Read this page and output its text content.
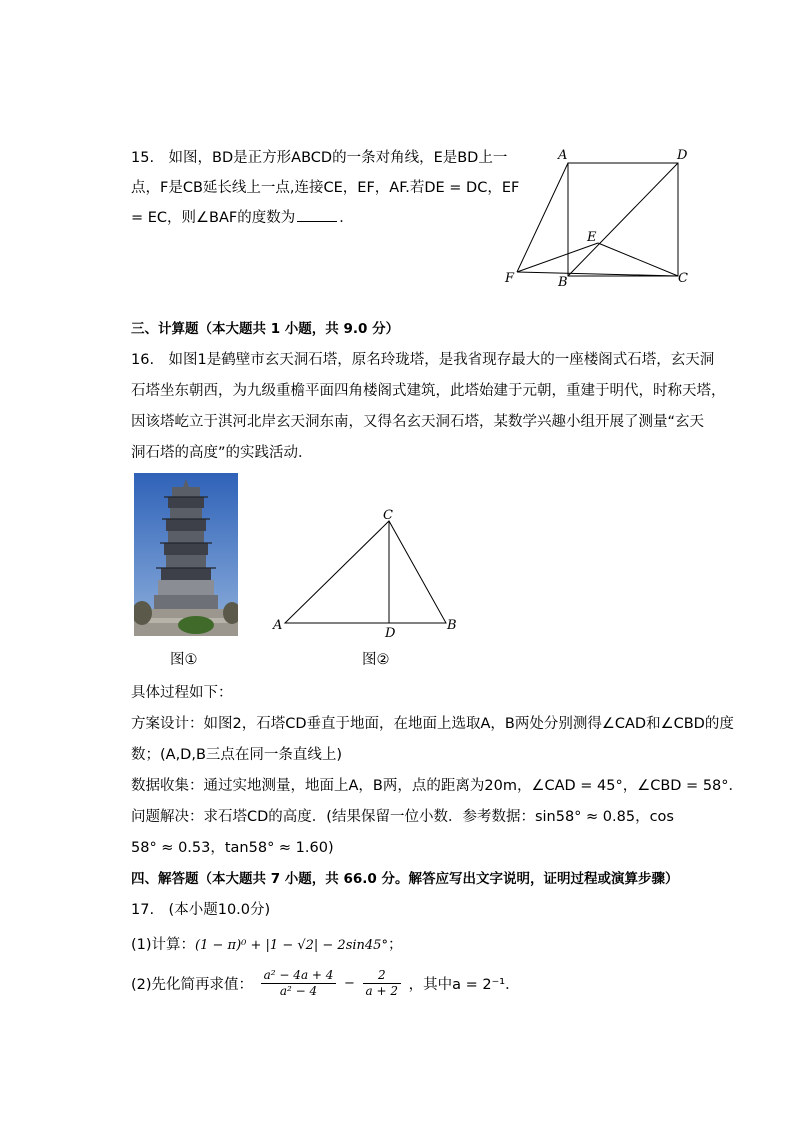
15.　如图，BD是正方形ABCD的一条对角线，E是BD上一
点，F是CB延长线上一点,连接CE，EF，AF.若DE = DC，EF
= EC，则∠BAF的度数为	．
A	D
E
F	B	C
三、计算题（本大题共 1 小题，共 9.0 分）
16.　如图1是鹤壁市玄天洞石塔，原名玲珑塔，是我省现存最大的一座楼阁式石塔，玄天洞
石塔坐东朝西，为九级重檐平面四角楼阁式建筑，此塔始建于元朝，重建于明代，时称天塔，
因该塔屹立于淇河北岸玄天洞东南，又得名玄天洞石塔，某数学兴趣小组开展了测量“玄天
洞石塔的高度”的实践活动．
图①
C
A
D
B
图②
具体过程如下：
方案设计：如图2，石塔CD垂直于地面，在地面上选取A，B两处分别测得∠CAD和∠CBD的度
数；(A,D,B三点在同一条直线上)
数据收集：通过实地测量，地面上A，B两，点的距离为20m，∠CAD = 45°，∠CBD = 58°．
问题解决：求石塔CD的高度．(结果保留一位小数．参考数据：sin58° ≈ 0.85，cos
58° ≈ 0.53，tan58° ≈ 1.60)
四、解答题（本大题共 7 小题，共 66.0 分。解答应写出文字说明，证明过程或演算步骤）
17.　(本小题10.0分)
(1)计算：(1 − π)⁰ + |1 − √2| − 2sin45°；
(2)先化简再求值： $\frac{\text{a² − 4a + 4}}{\text{a² − 4}} - \frac{2}{a + 2}$ ，其中a = 2⁻¹．
